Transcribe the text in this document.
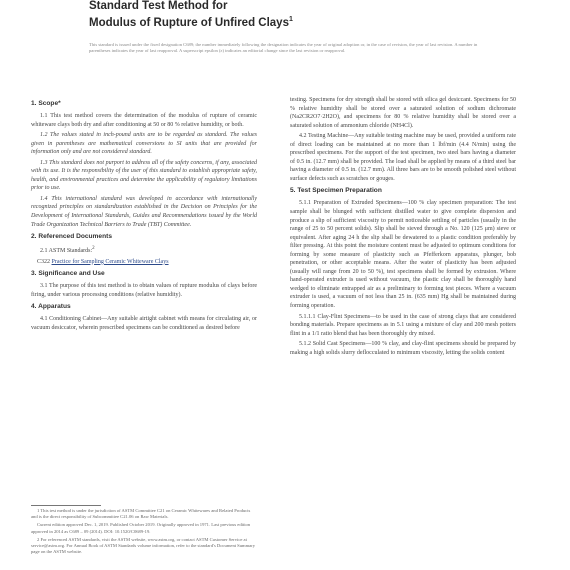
Standard Test Method for
Modulus of Rupture of Unfired Clays$^1$
This standard is issued under the fixed designation C689; the number immediately following the designation indicates the year of original adoption or, in the case of revision, the year of last revision. A number in parentheses indicates the year of last reapproval. A superscript epsilon (ε) indicates an editorial change since the last revision or reapproval.
1. Scope*

1.1 This test method covers the determination of the modulus of rupture of ceramic whiteware clays both dry and after conditioning at 50 or 80 % relative humidity, or both.

1.2 The values stated in inch-pound units are to be regarded as standard. The values given in parentheses are mathematical conversions to SI units that are provided for information only and are not considered standard.

1.3 This standard does not purport to address all of the safety concerns, if any, associated with its use. It is the responsibility of the user of this standard to establish appropriate safety, health, and environmental practices and determine the applicability of regulatory limitations prior to use.

1.4 This international standard was developed in accordance with internationally recognized principles on standardization established in the Decision on Principles for the Development of International Standards, Guides and Recommendations issued by the World Trade Organization Technical Barriers to Trade (TBT) Committee.

2. Referenced Documents

2.1 ASTM Standards:$^2$

C322 Practice for Sampling Ceramic Whiteware Clays

3. Significance and Use

3.1 The purpose of this test method is to obtain values of rupture modulus of clays before firing, under various processing conditions (relative humidity).

4. Apparatus

4.1 Conditioning Cabinet—Any suitable airtight cabinet with means for circulating air, or vacuum desiccator, wherein prescribed specimens can be conditioned as desired before

1 This test method is under the jurisdiction of ASTM Committee C21 on Ceramic Whitewares and Related Products and is the direct responsibility of Subcommittee C21.06 on Raw Materials.

Current edition approved Dec. 1, 2019. Published October 2019. Originally approved in 1971. Last previous edition approved in 2014 as C689 – 09 (2014). DOI: 10.1520/C0689-19.

2 For referenced ASTM standards, visit the ASTM website, www.astm.org, or contact ASTM Customer Service at service@astm.org. For Annual Book of ASTM Standards volume information, refer to the standard's Document Summary page on the ASTM website.

testing. Specimens for dry strength shall be stored with silica gel desiccant. Specimens for 50 % relative humidity shall be stored over a saturated solution of sodium dichromate (Na2CR2O7·2H2O), and specimens for 80 % relative humidity shall be stored over a saturated solution of ammonium chloride (NH4Cl).

4.2 Testing Machine—Any suitable testing machine may be used, provided a uniform rate of direct loading can be maintained at no more than 1 lbf/min (4.4 N/min) using the prescribed specimens. For the support of the test specimen, two steel bars having a diameter of 0.5 in. (12.7 mm) shall be provided. The load shall be applied by means of a third steel bar having a diameter of 0.5 in. (12.7 mm). All three bars are to be smooth polished steel without surface defects such as scratches or gouges.

5. Test Specimen Preparation

5.1.1 Preparation of Extruded Specimens—100 % clay specimen preparation: The test sample shall be blunged with sufficient distilled water to give complete dispersion and produce a slip of sufficient viscosity to permit noticeable settling of particles (usually in the range of 25 to 50 percent solids). Slip shall be sieved through a No. 120 (125 μm) sieve or equivalent. After aging 24 h the slip shall be dewatered to a plastic condition preferably by filter pressing. At this point the moisture content must be adjusted to optimum conditions for forming by some measure of plasticity such as Pfefferkorn apparatus, plunger, bob penetration, or other acceptable means. After the water of plasticity has been adjusted (usually will range from 20 to 50 %), test specimens shall be formed by extrusion. Where hand-operated extruder is used without vacuum, the plastic clay shall be thoroughly hand wedged to eliminate entrapped air as a preliminary to forming test pieces. Where a vacuum extruder is used, a vacuum of not less than 25 in. (635 mm) Hg shall be maintained during forming operation.

5.1.1.1 Clay-Flint Specimens—to be used in the case of strong clays that are considered bonding materials. Prepare specimens as in 5.1 using a mixture of clay and 200 mesh potters flint in a 1/1 ratio blend that has been thoroughly dry mixed.

5.1.2 Solid Cast Specimens—100 % clay, and clay-flint specimens should be prepared by making a high solids slurry deflocculated to minimum viscosity, letting the solids content
